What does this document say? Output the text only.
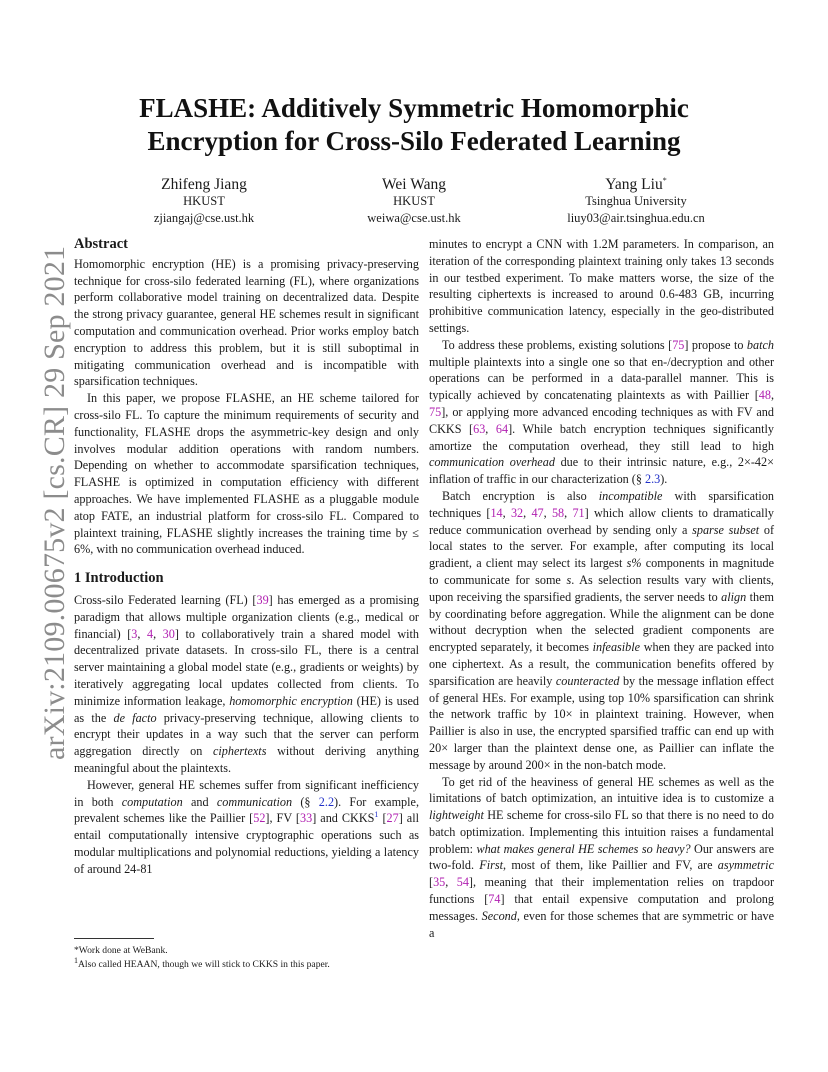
arXiv:2109.00675v2 [cs.CR] 29 Sep 2021
FLASHE: Additively Symmetric Homomorphic
Encryption for Cross-Silo Federated Learning
Zhifeng Jiang
HKUST
zjiangaj@cse.ust.hk
Wei Wang
HKUST
weiwa@cse.ust.hk
Yang Liu*
Tsinghua University
liuy03@air.tsinghua.edu.cn
Abstract

Homomorphic encryption (HE) is a promising privacy-preserving technique for cross-silo federated learning (FL), where organizations perform collaborative model training on decentralized data. Despite the strong privacy guarantee, general HE schemes result in significant computation and communication overhead. Prior works employ batch encryption to address this problem, but it is still suboptimal in mitigating communication overhead and is incompatible with sparsification techniques.

In this paper, we propose FLASHE, an HE scheme tailored for cross-silo FL. To capture the minimum requirements of security and functionality, FLASHE drops the asymmetric-key design and only involves modular addition operations with random numbers. Depending on whether to accommodate sparsification techniques, FLASHE is optimized in computation efficiency with different approaches. We have implemented FLASHE as a pluggable module atop FATE, an industrial platform for cross-silo FL. Compared to plaintext training, FLASHE slightly increases the training time by ≤ 6%, with no communication overhead induced.

1 Introduction

Cross-silo Federated learning (FL) [39] has emerged as a promising paradigm that allows multiple organization clients (e.g., medical or financial) [3, 4, 30] to collaboratively train a shared model with decentralized private datasets. In cross-silo FL, there is a central server maintaining a global model state (e.g., gradients or weights) by iteratively aggregating local updates collected from clients. To minimize information leakage, homomorphic encryption (HE) is used as the de facto privacy-preserving technique, allowing clients to encrypt their updates in a way such that the server can perform aggregation directly on ciphertexts without deriving anything meaningful about the plaintexts.

However, general HE schemes suffer from significant inefficiency in both computation and communication (§ 2.2). For example, prevalent schemes like the Paillier [52], FV [33] and CKKS$^1$ [27] all entail computationally intensive cryptographic operations such as modular multiplications and polynomial reductions, yielding a latency of around 24-81

minutes to encrypt a CNN with 1.2M parameters. In comparison, an iteration of the corresponding plaintext training only takes 13 seconds in our testbed experiment. To make matters worse, the size of the resulting ciphertexts is increased to around 0.6-483 GB, incurring prohibitive communication latency, especially in the geo-distributed settings.

To address these problems, existing solutions [75] propose to batch multiple plaintexts into a single one so that en-/decryption and other operations can be performed in a data-parallel manner. This is typically achieved by concatenating plaintexts as with Paillier [48, 75], or applying more advanced encoding techniques as with FV and CKKS [63, 64]. While batch encryption techniques significantly amortize the computation overhead, they still lead to high communication overhead due to their intrinsic nature, e.g., 2×-42× inflation of traffic in our characterization (§ 2.3).

Batch encryption is also incompatible with sparsification techniques [14, 32, 47, 58, 71] which allow clients to dramatically reduce communication overhead by sending only a sparse subset of local states to the server. For example, after computing its local gradient, a client may select its largest s% components in magnitude to communicate for some s. As selection results vary with clients, upon receiving the sparsified gradients, the server needs to align them by coordinating before aggregation. While the alignment can be done without decryption when the selected gradient components are encrypted separately, it becomes infeasible when they are packed into one ciphertext. As a result, the communication benefits offered by sparsification are heavily counteracted by the message inflation effect of general HEs. For example, using top 10% sparsification can shrink the network traffic by 10× in plaintext training. However, when Paillier is also in use, the encrypted sparsified traffic can end up with 20× larger than the plaintext dense one, as Paillier can inflate the message by around 200× in the non-batch mode.

To get rid of the heaviness of general HE schemes as well as the limitations of batch optimization, an intuitive idea is to customize a lightweight HE scheme for cross-silo FL so that there is no need to do batch optimization. Implementing this intuition raises a fundamental problem: what makes general HE schemes so heavy? Our answers are two-fold. First, most of them, like Paillier and FV, are asymmetric [35, 54], meaning that their implementation relies on trapdoor functions [74] that entail expensive computation and prolong messages. Second, even for those schemes that are symmetric or have a

*Work done at WeBank.

$^1$Also called HEAAN, though we will stick to CKKS in this paper.
